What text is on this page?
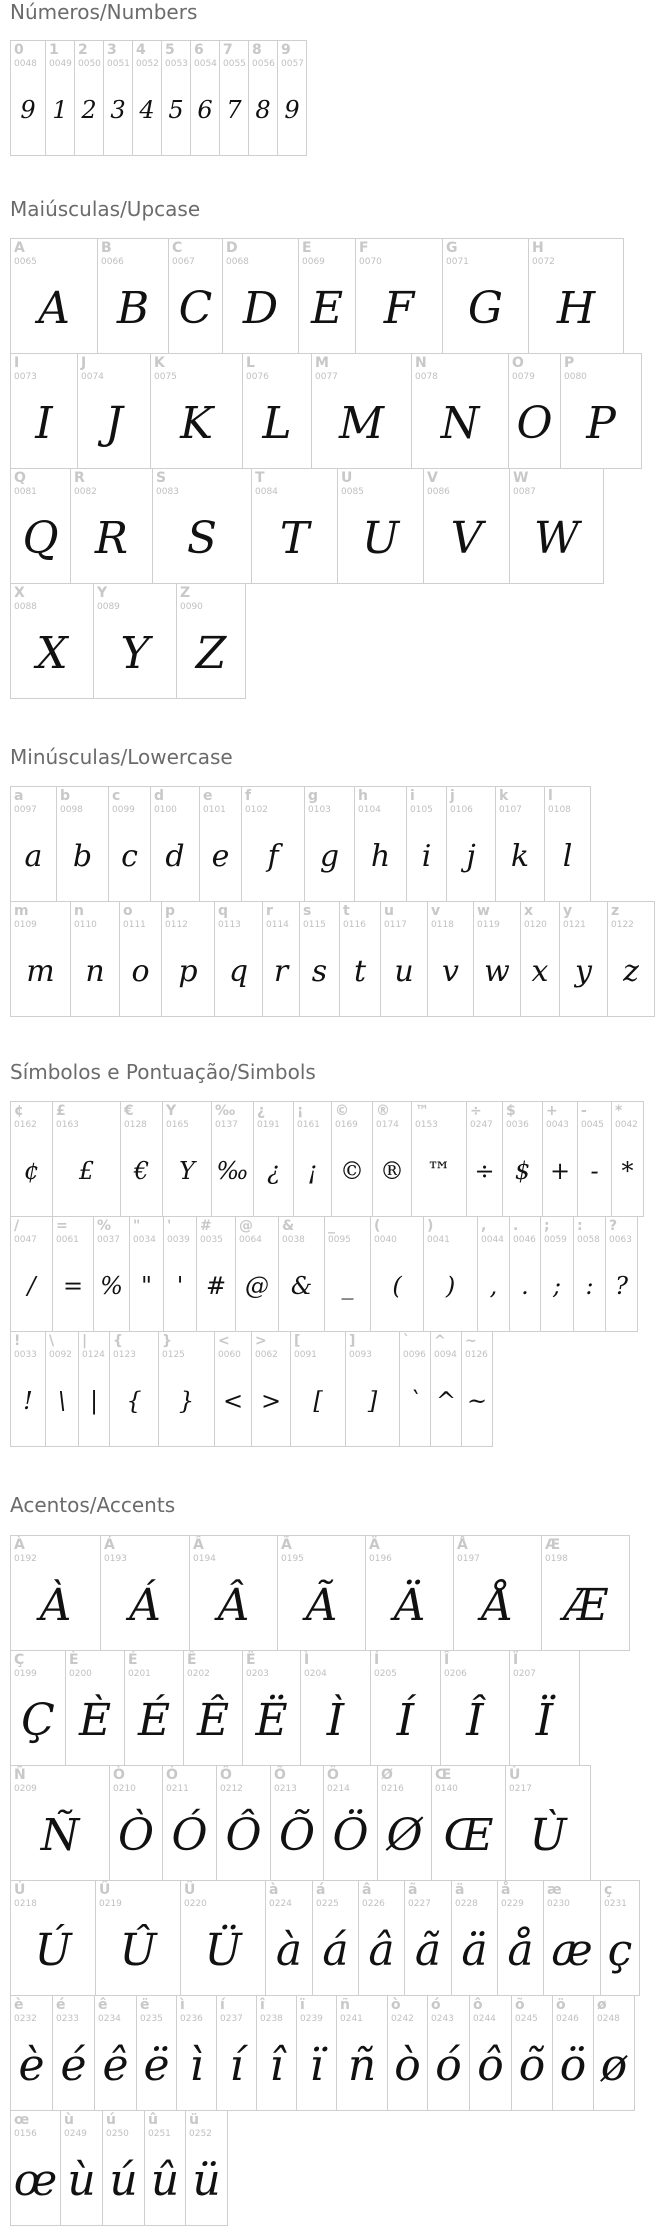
Números/Numbers
0
0048
9
1
0049
1
2
0050
2
3
0051
3
4
0052
4
5
0053
5
6
0054
6
7
0055
7
8
0056
8
9
0057
9
Maiúsculas/Upcase
A
0065
A
B
0066
B
C
0067
C
D
0068
D
E
0069
E
F
0070
F
G
0071
G
H
0072
H
I
0073
I
J
0074
J
K
0075
K
L
0076
L
M
0077
M
N
0078
N
O
0079
O
P
0080
P
Q
0081
Q
R
0082
R
S
0083
S
T
0084
T
U
0085
U
V
0086
V
W
0087
W
X
0088
X
Y
0089
Y
Z
0090
Z
Minúsculas/Lowercase
a
0097
a
b
0098
b
c
0099
c
d
0100
d
e
0101
e
f
0102
f
g
0103
g
h
0104
h
i
0105
i
j
0106
j
k
0107
k
l
0108
l
m
0109
m
n
0110
n
o
0111
o
p
0112
p
q
0113
q
r
0114
r
s
0115
s
t
0116
t
u
0117
u
v
0118
v
w
0119
w
x
0120
x
y
0121
y
z
0122
z
Símbolos e Pontuação/Simbols
¢
0162
¢
£
0163
£
€
0128
€
Y
0165
Y
‰
0137
‰
¿
0191
¿
¡
0161
¡
©
0169
©
®
0174
®
™
0153
™
÷
0247
÷
$
0036
$
+
0043
+
-
0045
-
*
0042
*
/
0047
/
=
0061
=
%
0037
%
"
0034
"
'
0039
'
#
0035
#
@
0064
@
&
0038
&
_
0095
_
(
0040
(
)
0041
)
,
0044
,
.
0046
.
;
0059
;
:
0058
:
?
0063
?
!
0033
!
\
0092
\
|
0124
|
{
0123
{
}
0125
}
<
0060
<
>
0062
>
[
0091
[
]
0093
]
`
0096
`
^
0094
^
~
0126
~
Acentos/Accents
À
0192
À
Á
0193
Á
Â
0194
Â
Ã
0195
Ã
Ä
0196
Ä
Å
0197
Å
Æ
0198
Æ
Ç
0199
Ç
È
0200
È
É
0201
É
Ê
0202
Ê
Ë
0203
Ë
Ì
0204
Ì
Í
0205
Í
Î
0206
Î
Ï
0207
Ï
Ñ
0209
Ñ
Ò
0210
Ò
Ó
0211
Ó
Ô
0212
Ô
Õ
0213
Õ
Ö
0214
Ö
Ø
0216
Ø
Œ
0140
Œ
Ù
0217
Ù
Ú
0218
Ú
Û
0219
Û
Ü
0220
Ü
à
0224
à
á
0225
á
â
0226
â
ã
0227
ã
ä
0228
ä
å
0229
å
æ
0230
æ
ç
0231
ç
è
0232
è
é
0233
é
ê
0234
ê
ë
0235
ë
ì
0236
ì
í
0237
í
î
0238
î
ï
0239
ï
ñ
0241
ñ
ò
0242
ò
ó
0243
ó
ô
0244
ô
õ
0245
õ
ö
0246
ö
ø
0248
ø
œ
0156
œ
ù
0249
ù
ú
0250
ú
û
0251
û
ü
0252
ü
